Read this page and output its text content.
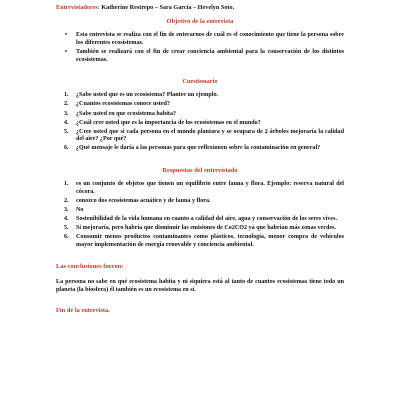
Entrevistadores: Katherine Restrepo – Sara García – Hevelyn Soto.

Objetivo de la entrevista

• Esta entrevista se realiza con el fin de enterarnos de cuál es el conocimiento que tiene la persona sobre los diferentes ecosistemas.
• También se realizará con el fin de crear conciencia ambiental para la conservación de los distintos ecosistemas.

Cuestionario

1. ¿Sabe usted que es un ecosistema? Plantee un ejemplo.
2. ¿Cuantos ecosistemas conoce usted?
3. ¿Sabe usted en que ecosistema habita?
4. ¿Cuál cree usted que es la importancia de los ecosistemas en el mundo?
5. ¿Cree usted que si cada persona en el mundo plantara y se ocupara de 2 árboles mejoraría la calidad del aire? ¿Por qué?
6. ¿Qué mensaje le daría a las personas para que reflexionen sobre la contaminación en general?

Respuestas del entrevistado

1. es un conjunto de objetos que tienen un equilibrio entre fauna y flora. Ejemplo: reserva natural del cócora.
2. conozco dos ecosistemas acuático y de fauna y flora.
3. No
4. Sostenibilidad de la vida humana en cuanto a calidad del aire, agua y conservación de los seres vives.
5. Si mejoraría, pero habría que disminuir las emisiones de Co2CO2 ya que habrían más zonas verdes.
6. Consumir menos productos contaminantes como plásticos, tecnología, menor compra de vehículos mayor implementación de energía renovable y conciencia ambiental.

Las conclusiones fueron:

La persona no sabe en qué ecosistema habita y ni siquiera está al tanto de cuantos ecosistemas tiene todo un planeta (la biosfera) él también es un ecosistema en sí.

Fin de la entrevista.
